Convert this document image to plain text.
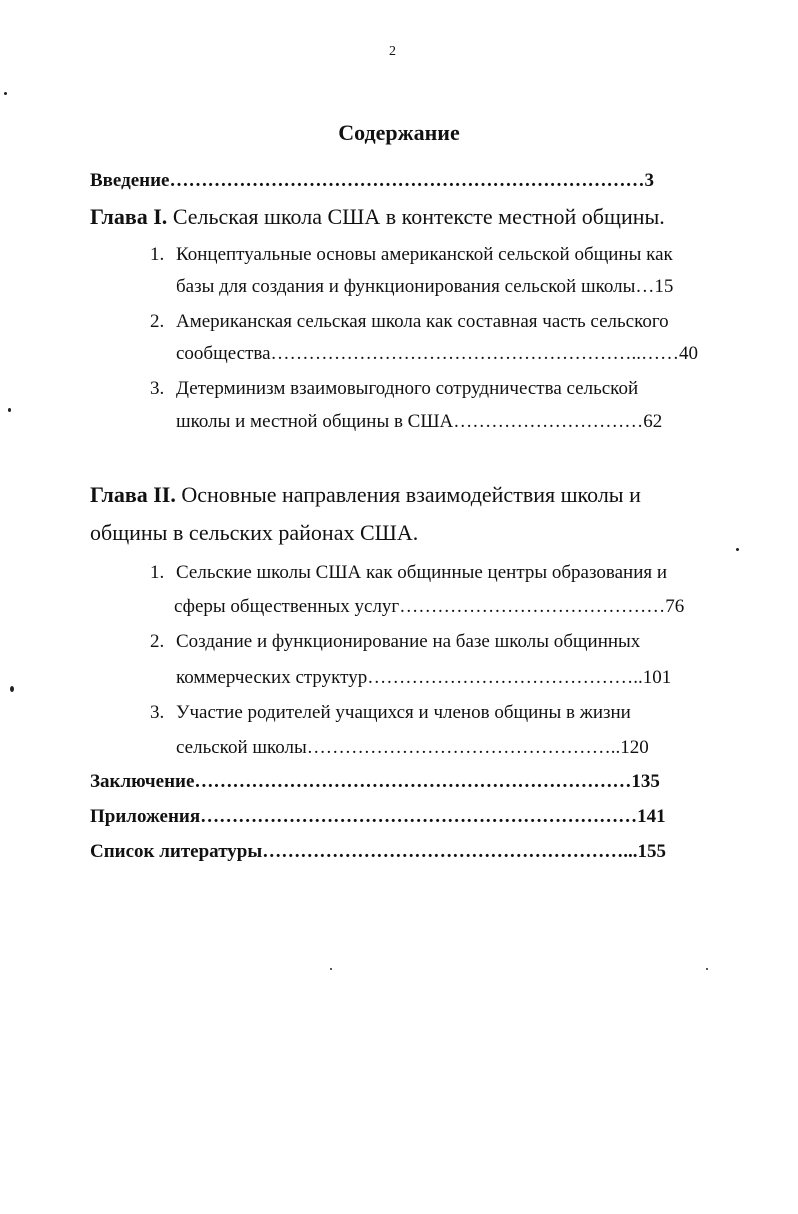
2
Содержание
Введение…………………………………………………………………3
Глава I. Сельская школа США в контексте местной общины.
1. Концептуальные основы американской сельской общины как
базы для создания и функционирования сельской школы…15
2. Американская сельская школа как составная часть сельского
сообщества…………………………………………………..……40
3. Детерминизм взаимовыгодного сотрудничества сельской
школы и местной общины в США…………………………62
Глава II. Основные направления взаимодействия школы и
общины в сельских районах США.
1. Сельские школы США как общинные центры образования и
сферы общественных услуг……………………………………76
2. Создание и функционирование на базе школы общинных
коммерческих структур……………………………………..101
3. Участие родителей учащихся и членов общины в жизни
сельской школы…………………………………………..120
Заключение……………………………………………………………135
Приложения……………………………………………………………141
Список литературы…………………………………………………...155
